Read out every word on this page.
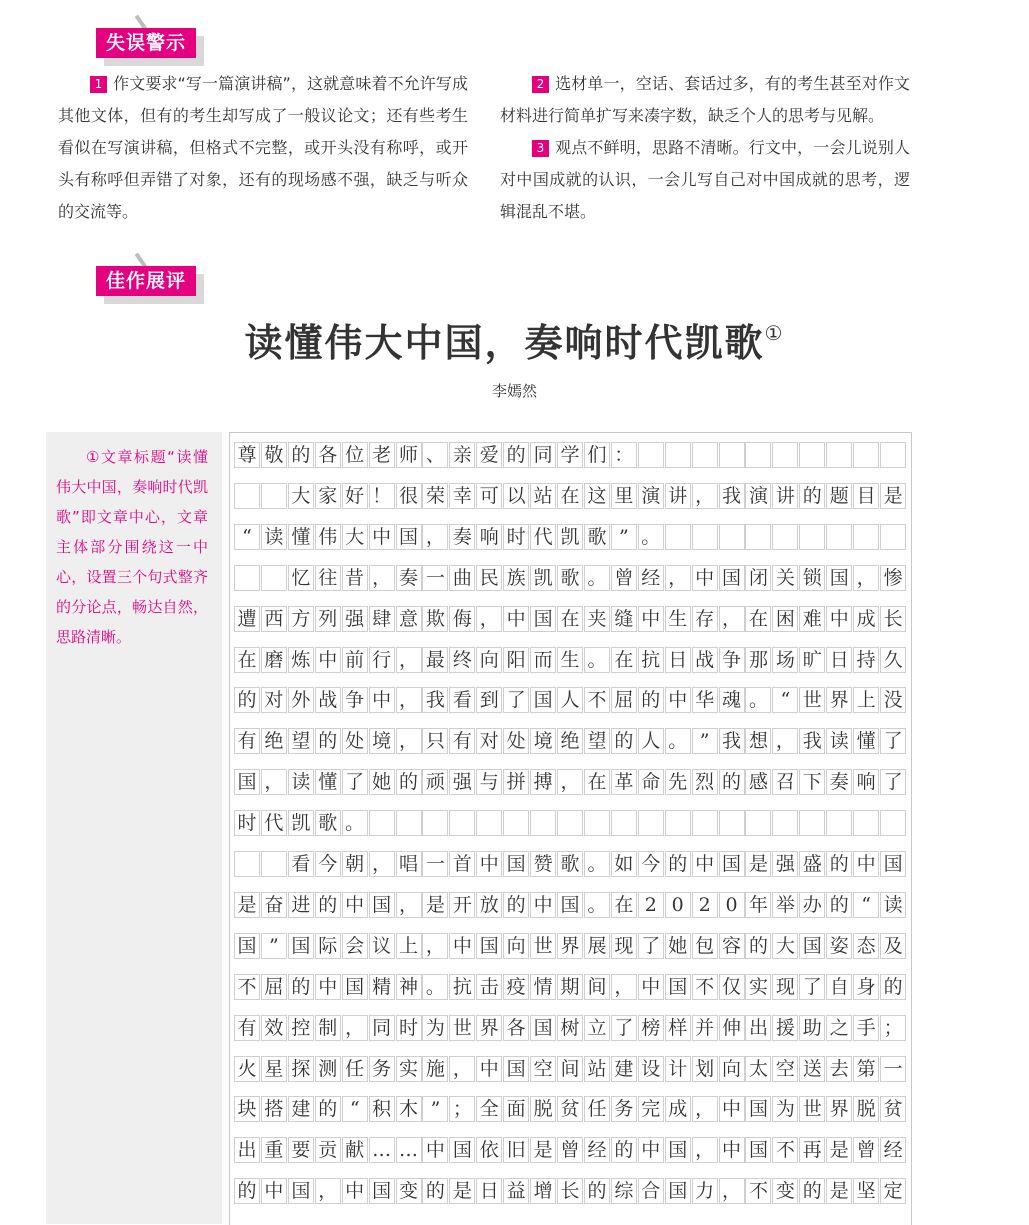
失误警示

1 作文要求“写一篇演讲稿”，这就意味着不允许写成其他文体，但有的考生却写成了一般议论文；还有些考生看似在写演讲稿，但格式不完整，或开头没有称呼，或开头有称呼但弄错了对象，还有的现场感不强，缺乏与听众的交流等。

2 选材单一，空话、套话过多，有的考生甚至对作文材料进行简单扩写来凑字数，缺乏个人的思考与见解。

3 观点不鲜明，思路不清晰。行文中，一会儿说别人对中国成就的认识，一会儿写自己对中国成就的思考，逻辑混乱不堪。

佳作展评
读懂伟大中国，奏响时代凯歌①
李嫣然

①文章标题“读懂伟大中国，奏响时代凯歌”即文章中心，文章主体部分围绕这一中心，设置三个句式整齐的分论点，畅达自然，思路清晰。

尊 敬 的 各 位 老 师 、 亲 爱 的 同 学 们 ：
大 家 好 ！ 很 荣 幸 可 以 站 在 这 里 演 讲 ， 我 演 讲 的 题 目 是
“ 读 懂 伟 大 中 国 ， 奏 响 时 代 凯 歌 ” 。
忆 往 昔 ， 奏 一 曲 民 族 凯 歌 。 曾 经 ， 中 国 闭 关 锁 国 ， 惨
遭 西 方 列 强 肆 意 欺 侮 ， 中 国 在 夹 缝 中 生 存 ， 在 困 难 中 成 长
在 磨 炼 中 前 行 ， 最 终 向 阳 而 生 。 在 抗 日 战 争 那 场 旷 日 持 久
的 对 外 战 争 中 ， 我 看 到 了 国 人 不 屈 的 中 华 魂 。 “ 世 界 上 没
有 绝 望 的 处 境 ， 只 有 对 处 境 绝 望 的 人 。 ” 我 想 ， 我 读 懂 了
国 ， 读 懂 了 她 的 顽 强 与 拼 搏 ， 在 革 命 先 烈 的 感 召 下 奏 响 了
时 代 凯 歌 。
看 今 朝 ， 唱 一 首 中 国 赞 歌 。 如 今 的 中 国 是 强 盛 的 中 国
是 奋 进 的 中 国 ， 是 开 放 的 中 国 。 在 2 0 2 0 年 举 办 的 “ 读
国 ” 国 际 会 议 上 ， 中 国 向 世 界 展 现 了 她 包 容 的 大 国 姿 态 及
不 屈 的 中 国 精 神 。 抗 击 疫 情 期 间 ， 中 国 不 仅 实 现 了 自 身 的
有 效 控 制 ， 同 时 为 世 界 各 国 树 立 了 榜 样 并 伸 出 援 助 之 手 ；
火 星 探 测 任 务 实 施 ， 中 国 空 间 站 建 设 计 划 向 太 空 送 去 第 一
块 搭 建 的 “ 积 木 ” ； 全 面 脱 贫 任 务 完 成 ， 中 国 为 世 界 脱 贫
出 重 要 贡 献 … … 中 国 依 旧 是 曾 经 的 中 国 ， 中 国 不 再 是 曾 经
的 中 国 ， 中 国 变 的 是 日 益 增 长 的 综 合 国 力 ， 不 变 的 是 坚 定
